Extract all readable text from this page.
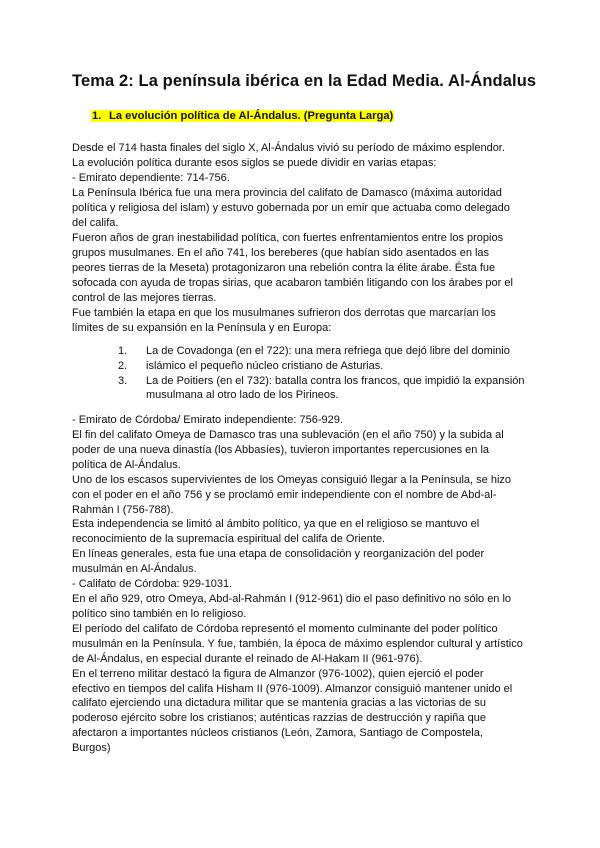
Tema 2: La península ibérica en la Edad Media. Al-Ándalus
1. La evolución política de Al-Ándalus. (Pregunta Larga)
Desde el 714 hasta finales del siglo X, Al-Ándalus vivió su período de máximo esplendor.
La evolución política durante esos siglos se puede dividir en varias etapas:
- Emirato dependiente: 714-756.
La Península Ibérica fue una mera provincia del califato de Damasco (máxima autoridad
política y religiosa del islam) y estuvo gobernada por un emir que actuaba como delegado
del califa.
Fueron años de gran inestabilidad política, con fuertes enfrentamientos entre los propios
grupos musulmanes. En el año 741, los bereberes (que habían sido asentados en las
peores tierras de la Meseta) protagonizaron una rebelión contra la élite árabe. Ésta fue
sofocada con ayuda de tropas sirias, que acabaron también litigando con los árabes por el
control de las mejores tierras.
Fue también la etapa en que los musulmanes sufrieron dos derrotas que marcarían los
límites de su expansión en la Península y en Europa:
1. La de Covadonga (en el 722): una mera refriega que dejó libre del dominio
2. islámico el pequeño núcleo cristiano de Asturias.
3. La de Poitiers (en el 732): batalla contra los francos, que impidió la expansión
musulmana al otro lado de los Pirineos.
- Emirato de Córdoba/ Emirato independiente: 756-929.
El fin del califato Omeya de Damasco tras una sublevación (en el año 750) y la subida al
poder de una nueva dinastía (los Abbasíes), tuvieron importantes repercusiones en la
política de Al-Ándalus.
Uno de los escasos supervivientes de los Omeyas consiguió llegar a la Península, se hizo
con el poder en el año 756 y se proclamó emir independiente con el nombre de Abd-al-
Rahmán I (756-788).
Esta independencia se limitó al ámbito político, ya que en el religioso se mantuvo el
reconocimiento de la supremacía espiritual del califa de Oriente.
En líneas generales, esta fue una etapa de consolidación y reorganización del poder
musulmán en Al-Ándalus.
- Califato de Córdoba: 929-1031.
En el año 929, otro Omeya, Abd-al-Rahmán I (912-961) dio el paso definitivo no sólo en lo
político sino también en lo religioso.
El período del califato de Córdoba representó el momento culminante del poder político
musulmán en la Península. Y fue, también, la época de máximo esplendor cultural y artístico
de Al-Ándalus, en especial durante el reinado de Al-Hakam II (961-976).
En el terreno militar destacó la figura de Almanzor (976-1002), quien ejerció el poder
efectivo en tiempos del califa Hisham II (976-1009). Almanzor consiguió mantener unido el
califato ejerciendo una dictadura militar que se mantenía gracias a las victorias de su
poderoso ejército sobre los cristianos; auténticas razzias de destrucción y rapiña que
afectaron a importantes núcleos cristianos (León, Zamora, Santiago de Compostela,
Burgos)
